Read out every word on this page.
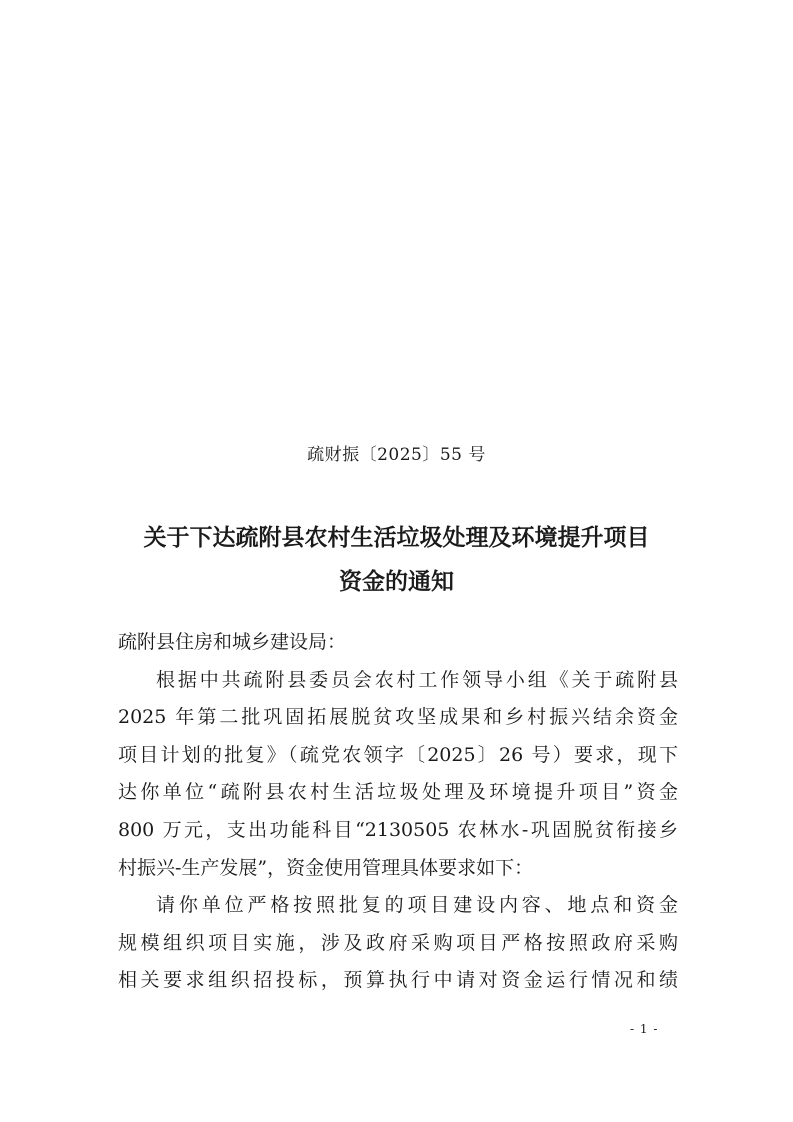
疏财振〔2025〕55 号
关于下达疏附县农村生活垃圾处理及环境提升项目
资金的通知
疏附县住房和城乡建设局：
根据中共疏附县委员会农村工作领导小组《关于疏附县
2025 年第二批巩固拓展脱贫攻坚成果和乡村振兴结余资金
项目计划的批复》（疏党农领字〔2025〕26 号）要求，现下
达你单位“疏附县农村生活垃圾处理及环境提升项目”资金
800 万元，支出功能科目“2130505 农林水-巩固脱贫衔接乡
村振兴-生产发展”，资金使用管理具体要求如下：
请你单位严格按照批复的项目建设内容、地点和资金
规模组织项目实施，涉及政府采购项目严格按照政府采购
相关要求组织招投标，预算执行中请对资金运行情况和绩
- 1 -
